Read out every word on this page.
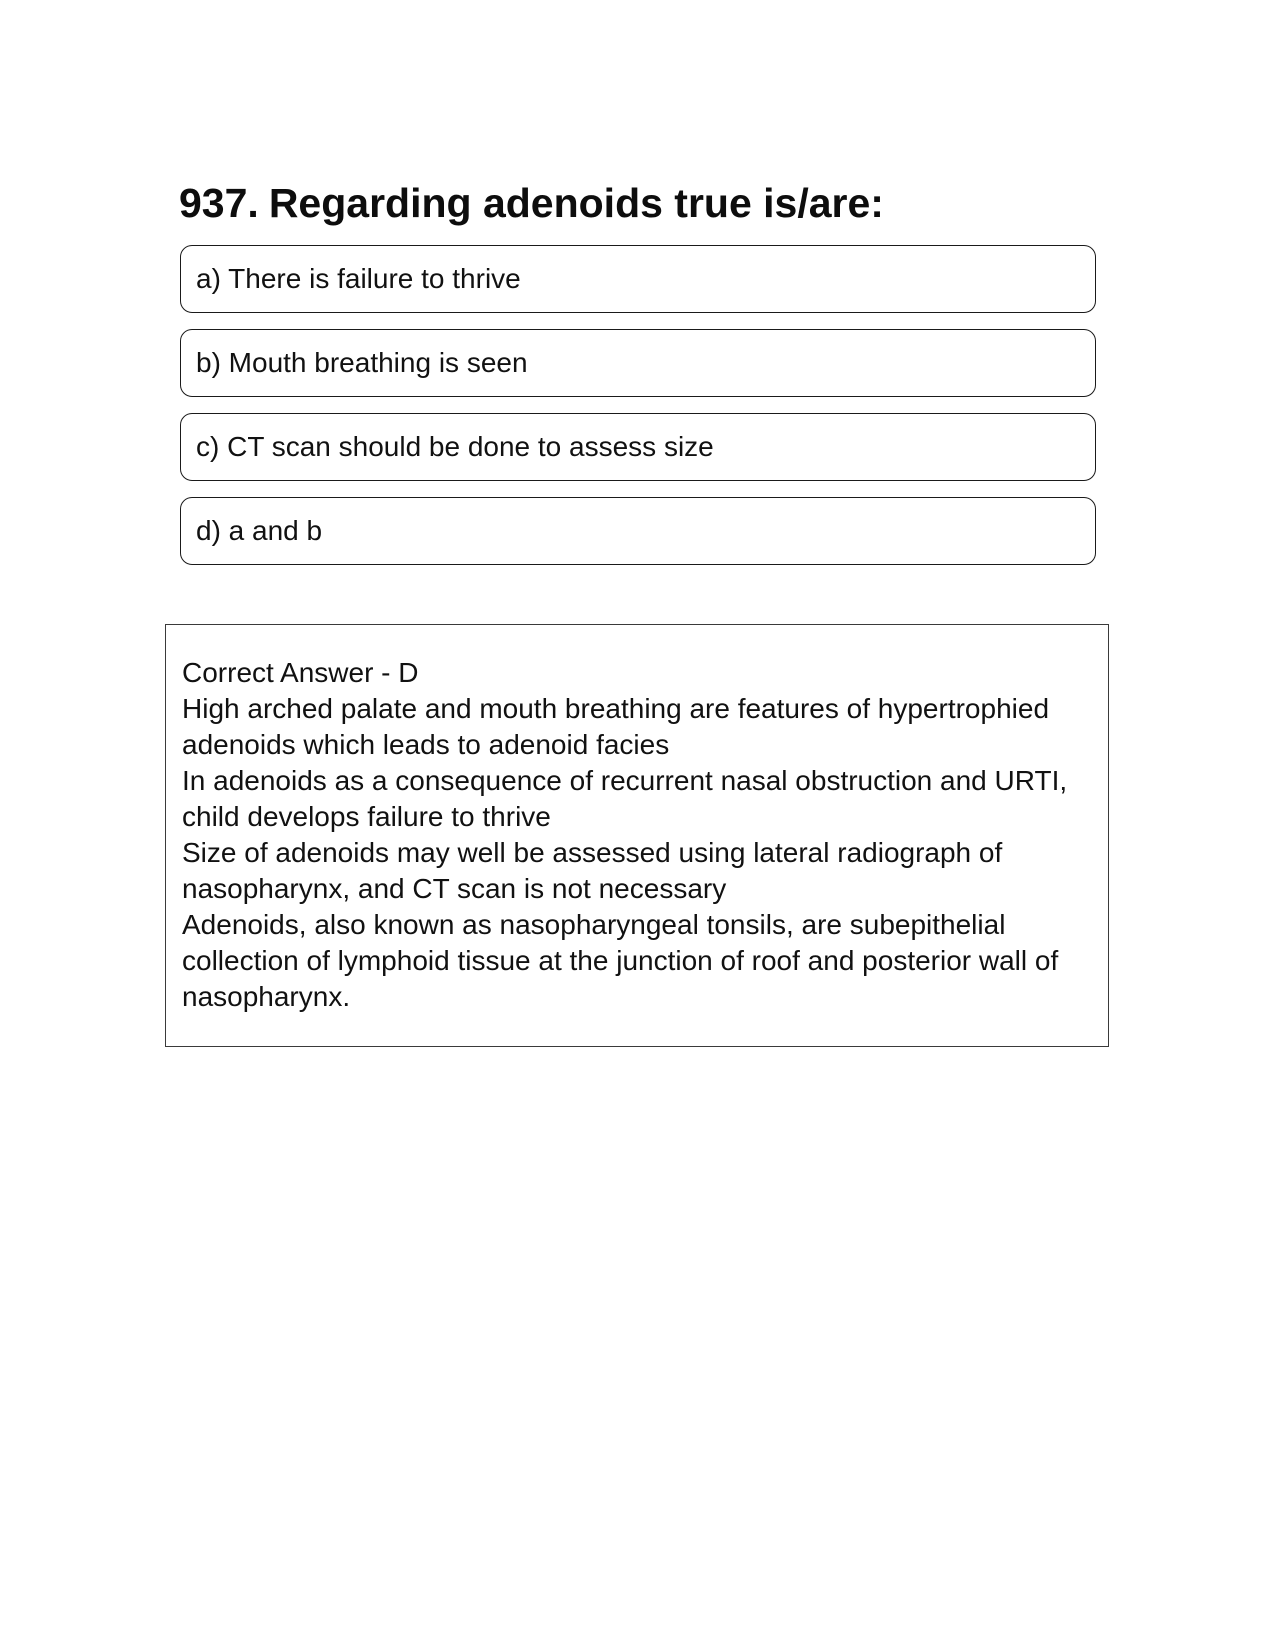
937. Regarding adenoids true is/are:
a) There is failure to thrive
b) Mouth breathing is seen
c) CT scan should be done to assess size
d) a and b

Correct Answer - D

High arched palate and mouth breathing are features of hypertrophied adenoids which leads to adenoid facies

In adenoids as a consequence of recurrent nasal obstruction and URTI, child develops failure to thrive

Size of adenoids may well be assessed using lateral radiograph of nasopharynx, and CT scan is not necessary

Adenoids, also known as nasopharyngeal tonsils, are subepithelial collection of lymphoid tissue at the junction of roof and posterior wall of nasopharynx.
